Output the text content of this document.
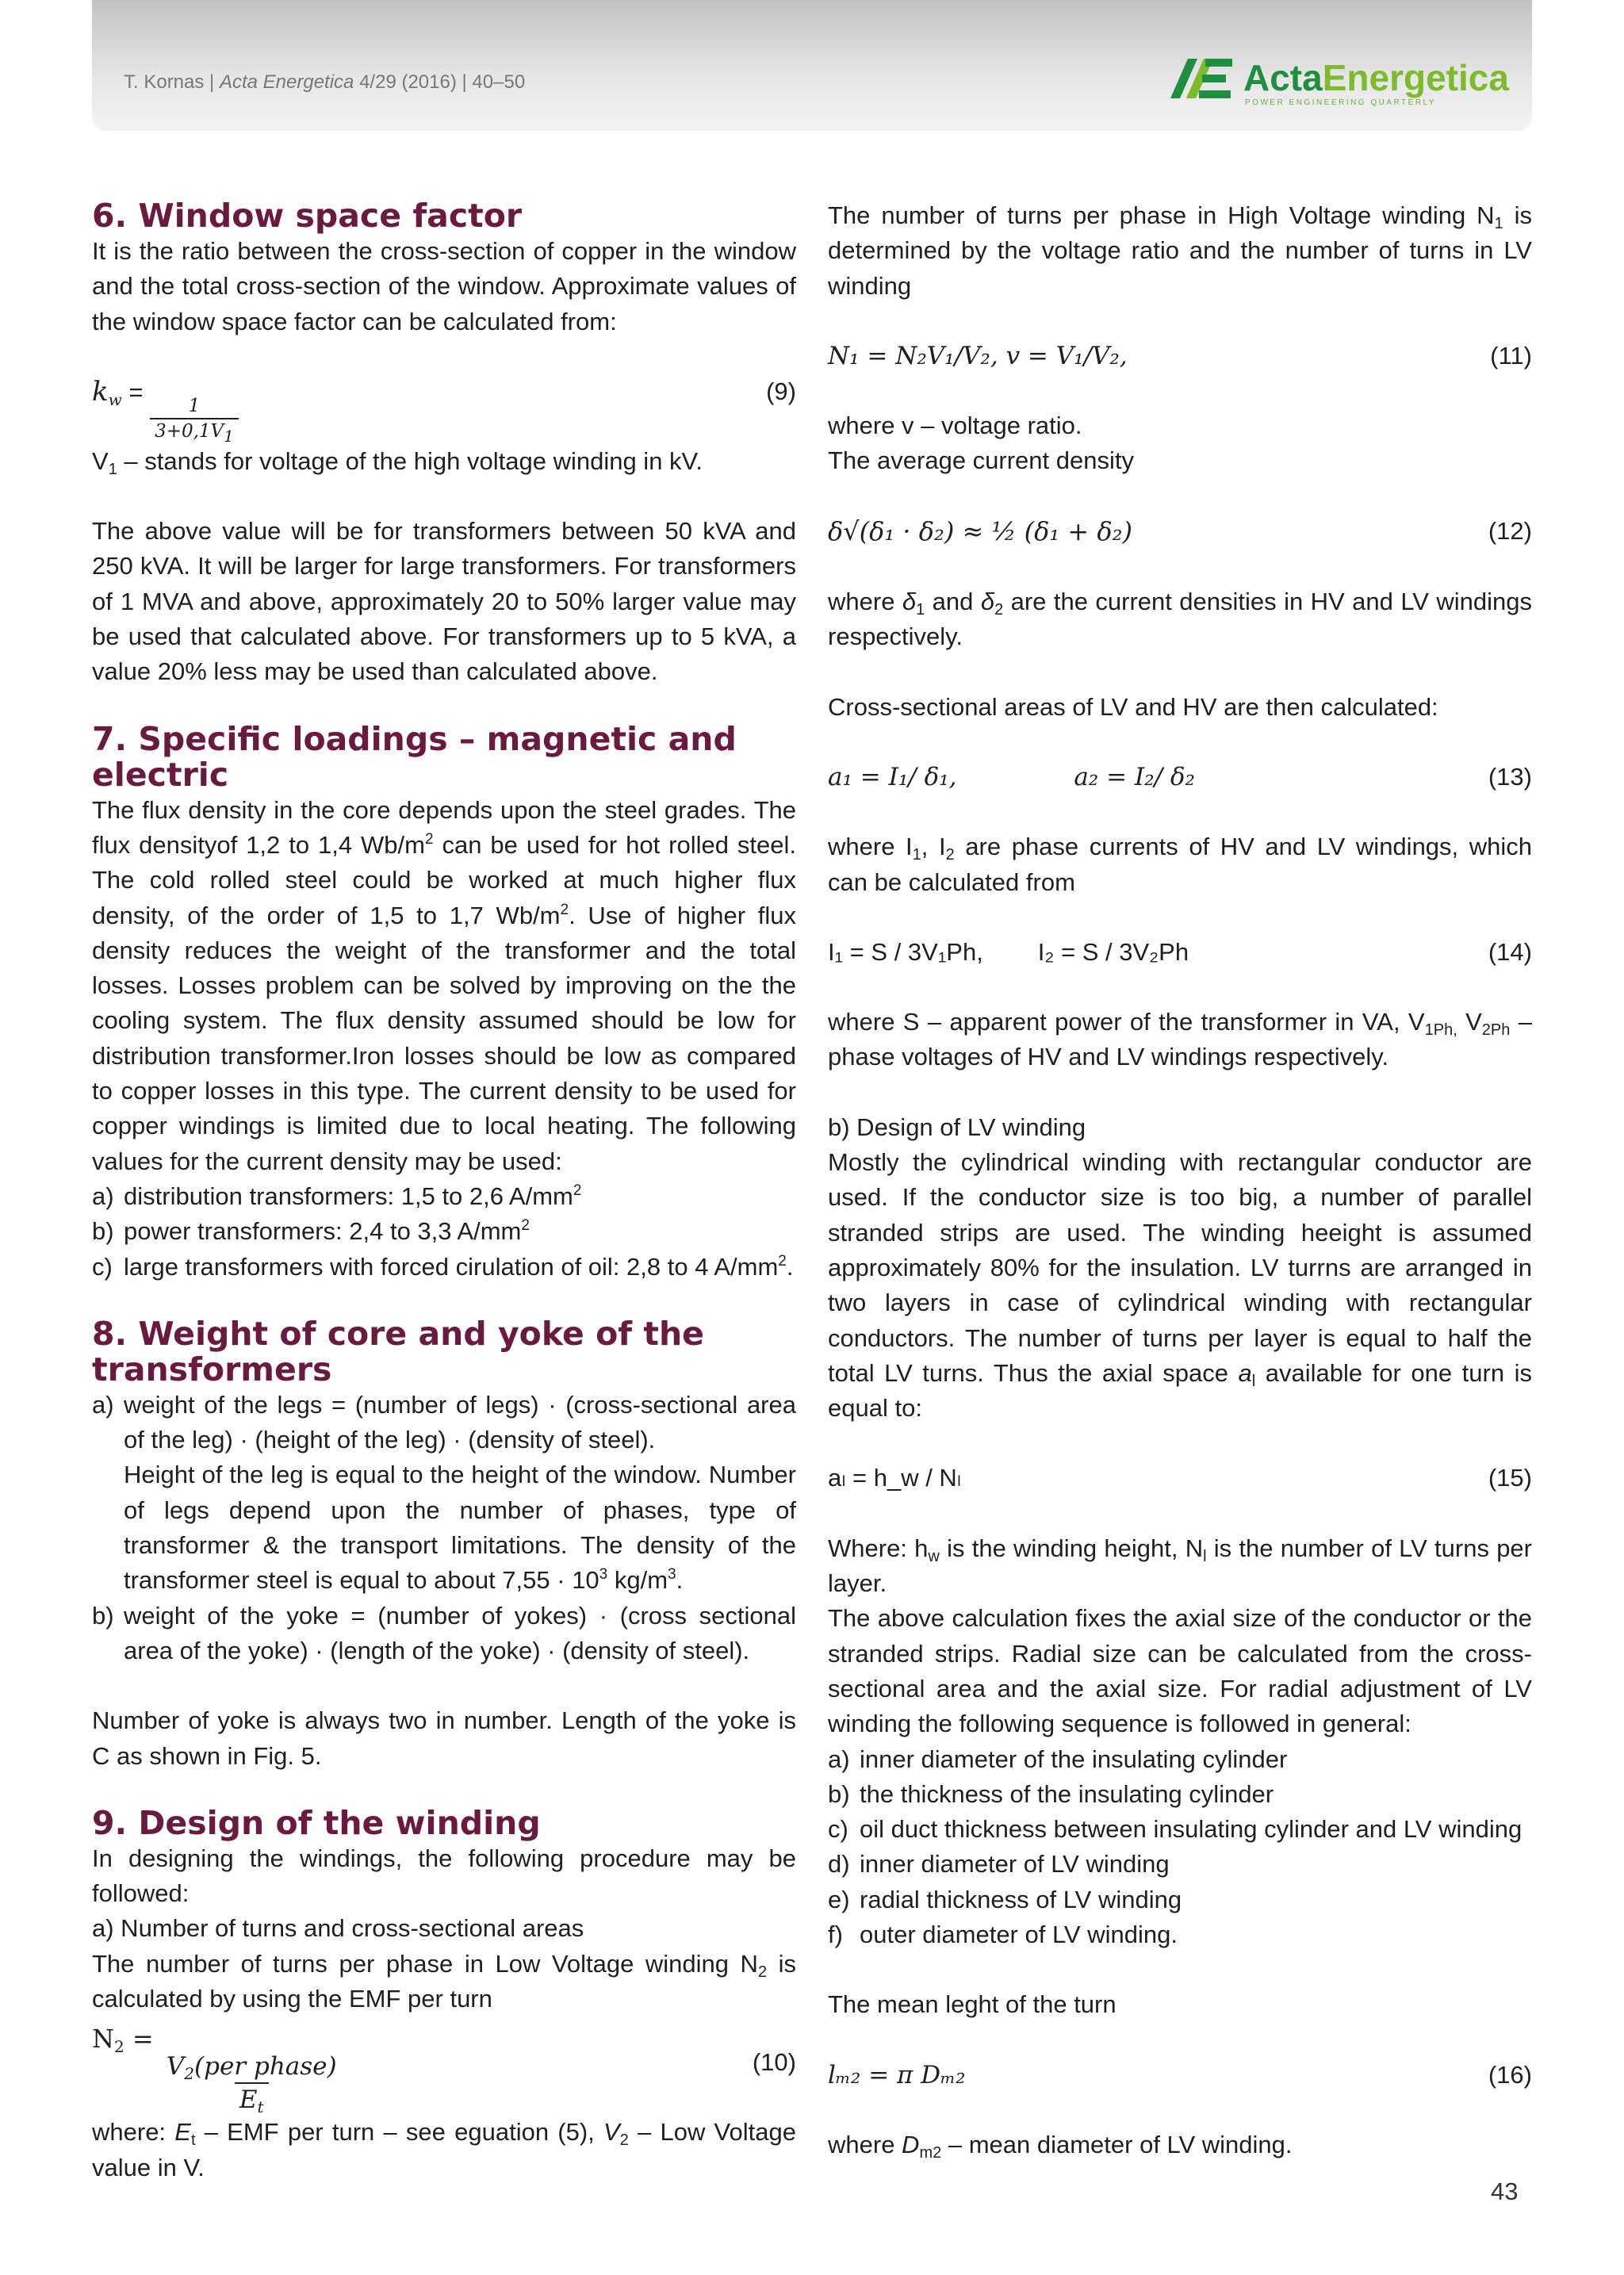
T. Kornas | Acta Energetica 4/29 (2016) | 40–50	ActaEnergetica
POWER ENGINEERING QUARTERLY
6. Window space factor

It is the ratio between the cross-section of copper in the window and the total cross-section of the window. Approximate values of the window space factor can be calculated from:

$k_w$ =
$\frac{1}{3+0,1V_1}$
(9)

$V_1$ – stands for voltage of the high voltage winding in kV.

The above value will be for transformers between 50 kVA and 250 kVA. It will be larger for large transformers. For transformers of 1 MVA and above, approximately 20 to 50% larger value may be used that calculated above. For transformers up to 5 kVA, a value 20% less may be used than calculated above.

7. Specific loadings – magnetic and electric

The flux density in the core depends upon the steel grades. The flux densityof 1,2 to 1,4 $Wb/m^2$ can be used for hot rolled steel. The cold rolled steel could be worked at much higher flux density, of the order of 1,5 to 1,7 $Wb/m^2$. Use of higher flux density reduces the weight of the transformer and the total losses. Losses problem can be solved by improving on the the cooling system. The flux density assumed should be low for distribution transformer.Iron losses should be low as compared to copper losses in this type. The current density to be used for copper windings is limited due to local heating. The following values for the current density may be used:

a) distribution transformers: 1,5 to 2,6 $A/mm^2$
b) power transformers: 2,4 to 3,3 $A/mm^2$
c) large transformers with forced cirulation of oil: 2,8 to 4 $A/mm^2$.
8. Weight of core and yoke of the transformers
a) weight of the legs = (number of legs) · (cross-sectional area of the leg) · (height of the leg) · (density of steel).
Height of the leg is equal to the height of the window. Number of legs depend upon the number of phases, type of transformer & the transport limitations. The density of the transformer steel is equal to about $7,55 \cdot 10^3$ $kg/m^3$.
b) weight of the yoke = (number of yokes) · (cross sectional area of the yoke) · (length of the yoke) · (density of steel).

Number of yoke is always two in number. Length of the yoke is C as shown in Fig. 5.

9. Design of the winding

In designing the windings, the following procedure may be followed:

a) Number of turns and cross-sectional areas

The number of turns per phase in Low Voltage winding $N_2$ is calculated by using the EMF per turn

$N_2$ =
$\frac{V_2(per phase)}{E_t}$	(10)

where: $E_t$ – EMF per turn – see eguation (5), $V_2$ – Low Voltage value in V.

The number of turns per phase in High Voltage winding $N_1$ is determined by the voltage ratio and the number of turns in LV winding

N₁ = N₂V₁/V₂, v = V₁/V₂,	(11)

where v – voltage ratio.

The average current density

δ√(δ₁ · δ₂) ≈ ½ (δ₁ + δ₂)	(12)

where $\delta_1$ and $\delta_2$ are the current densities in HV and LV windings respectively.

Cross-sectional areas of LV and HV are then calculated:

a₁ = I₁/ δ₁,               a₂ = I₂/ δ₂	(13)

where $I_1$, $I_2$ are phase currents of HV and LV windings, which can be calculated from

I₁ = S / 3V₁Ph,        I₂ = S / 3V₂Ph	(14)

where S – apparent power of the transformer in VA, $V_{1Ph,}$ $V_{2Ph}$ – phase voltages of HV and LV windings respectively.

b) Design of LV winding

Mostly the cylindrical winding with rectangular conductor are used. If the conductor size is too big, a number of parallel stranded strips are used. The winding heeight is assumed approximately 80% for the insulation. LV turrns are arranged in two layers in case of cylindrical winding with rectangular conductors. The number of turns per layer is equal to half the total LV turns. Thus the axial space $a_l$ available for one turn is equal to:

aₗ = h_w / Nₗ	(15)

Where: $h_w$ is the winding height, $N_l$ is the number of LV turns per layer.

The above calculation fixes the axial size of the conductor or the stranded strips. Radial size can be calculated from the cross-sectional area and the axial size. For radial adjustment of LV winding the following sequence is followed in general:

a) inner diameter of the insulating cylinder
b) the thickness of the insulating cylinder
c) oil duct thickness between insulating cylinder and LV winding
d) inner diameter of LV winding
e) radial thickness of LV winding
f) outer diameter of LV winding.

The mean leght of the turn

lₘ₂ = π Dₘ₂	(16)

where $D_{m2}$ – mean diameter of LV winding.

43
